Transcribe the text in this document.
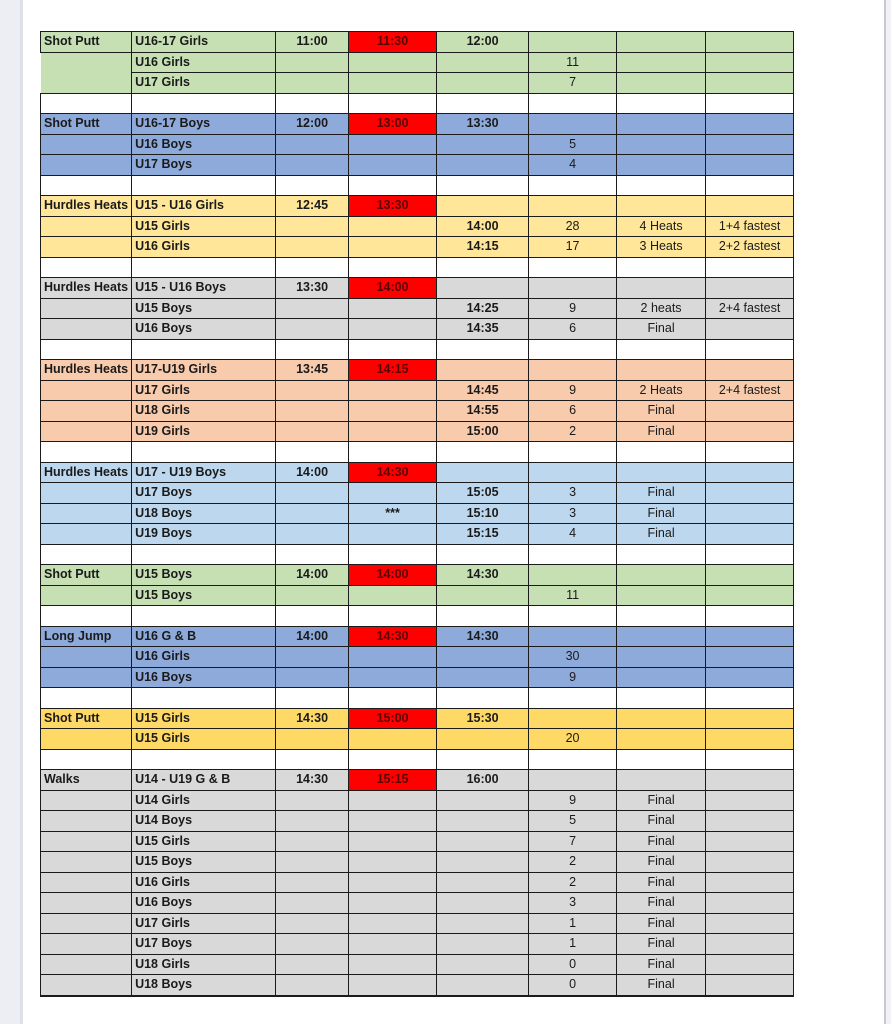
Shot Putt	U16-17 Girls	11:00	11:30	12:00			
	U16 Girls				11		
	U17 Girls				7		

Shot Putt	U16-17 Boys	12:00	13:00	13:30			
	U16 Boys				5		
	U17 Boys				4		

Hurdles Heats	U15 - U16 Girls	12:45	13:30				
	U15 Girls			14:00	28	4 Heats	1+4 fastest
	U16 Girls			14:15	17	3 Heats	2+2 fastest

Hurdles Heats	U15 - U16 Boys	13:30	14:00				
	U15 Boys			14:25	9	2 heats	2+4 fastest
	U16 Boys			14:35	6	Final	

Hurdles Heats	U17-U19 Girls	13:45	14:15				
	U17 Girls			14:45	9	2 Heats	2+4 fastest
	U18 Girls			14:55	6	Final	
	U19 Girls			15:00	2	Final	

Hurdles Heats	U17 - U19 Boys	14:00	14:30				
	U17 Boys			15:05	3	Final	
	U18 Boys		***	15:10	3	Final	
	U19 Boys			15:15	4	Final	

Shot Putt	U15 Boys	14:00	14:00	14:30			
	U15 Boys				11		

Long Jump	U16 G & B	14:00	14:30	14:30			
	U16 Girls				30		
	U16 Boys				9		

Shot Putt	U15 Girls	14:30	15:00	15:30			
	U15 Girls				20		

Walks	U14 - U19 G & B	14:30	15:15	16:00			
	U14 Girls				9	Final	
	U14 Boys				5	Final	
	U15 Girls				7	Final	
	U15 Boys				2	Final	
	U16 Girls				2	Final	
	U16 Boys				3	Final	
	U17 Girls				1	Final	
	U17 Boys				1	Final	
	U18 Girls				0	Final	
	U18 Boys				0	Final	
